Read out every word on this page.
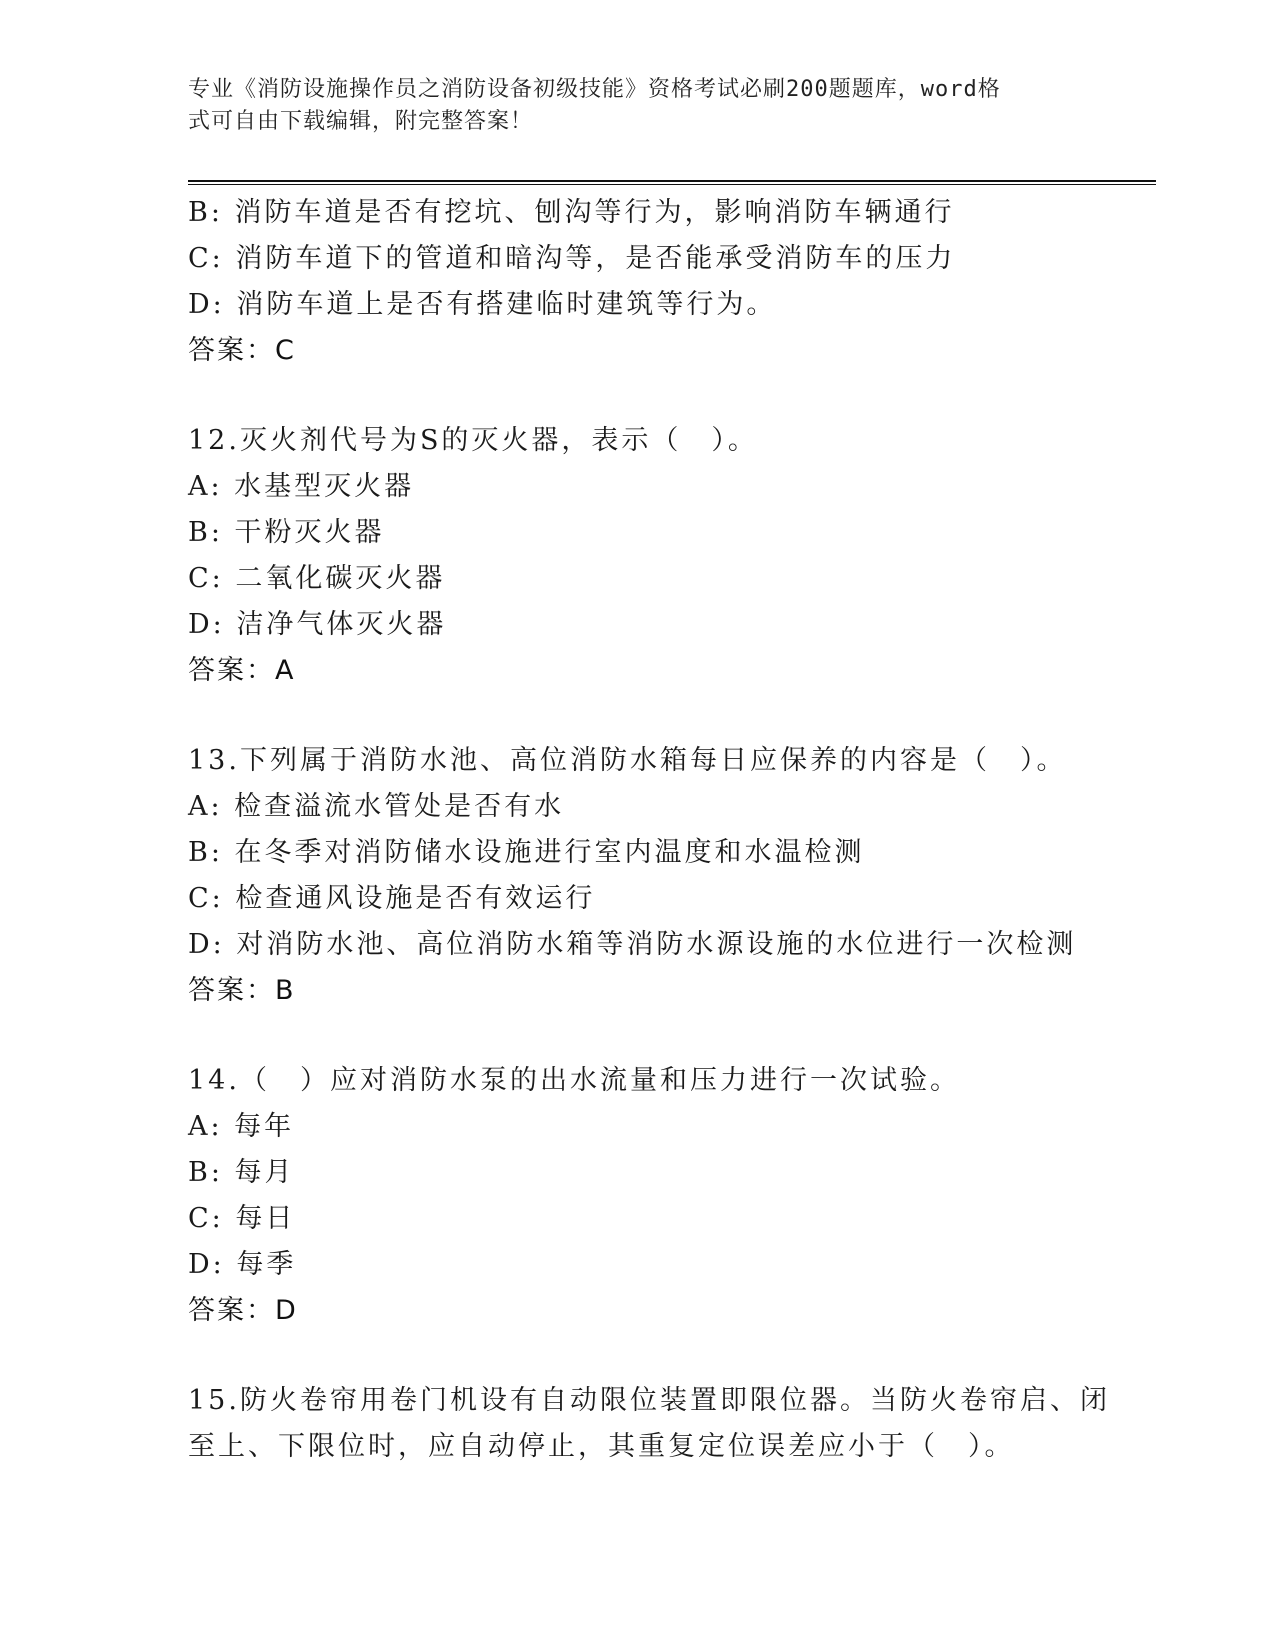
专业《消防设施操作员之消防设备初级技能》资格考试必刷200题题库，word格
式可自由下载编辑，附完整答案！
B: 消防车道是否有挖坑、刨沟等行为，影响消防车辆通行
C: 消防车道下的管道和暗沟等，是否能承受消防车的压力
D: 消防车道上是否有搭建临时建筑等行为。
答案：C
12.灭火剂代号为S的灭火器，表示（　）。
A: 水基型灭火器
B: 干粉灭火器
C: 二氧化碳灭火器
D: 洁净气体灭火器
答案：A
13.下列属于消防水池、高位消防水箱每日应保养的内容是（　）。
A: 检查溢流水管处是否有水
B: 在冬季对消防储水设施进行室内温度和水温检测
C: 检查通风设施是否有效运行
D: 对消防水池、高位消防水箱等消防水源设施的水位进行一次检测
答案：B
14.（　）应对消防水泵的出水流量和压力进行一次试验。
A: 每年
B: 每月
C: 每日
D: 每季
答案：D
15.防火卷帘用卷门机设有自动限位装置即限位器。当防火卷帘启、闭
至上、下限位时，应自动停止，其重复定位误差应小于（　）。
